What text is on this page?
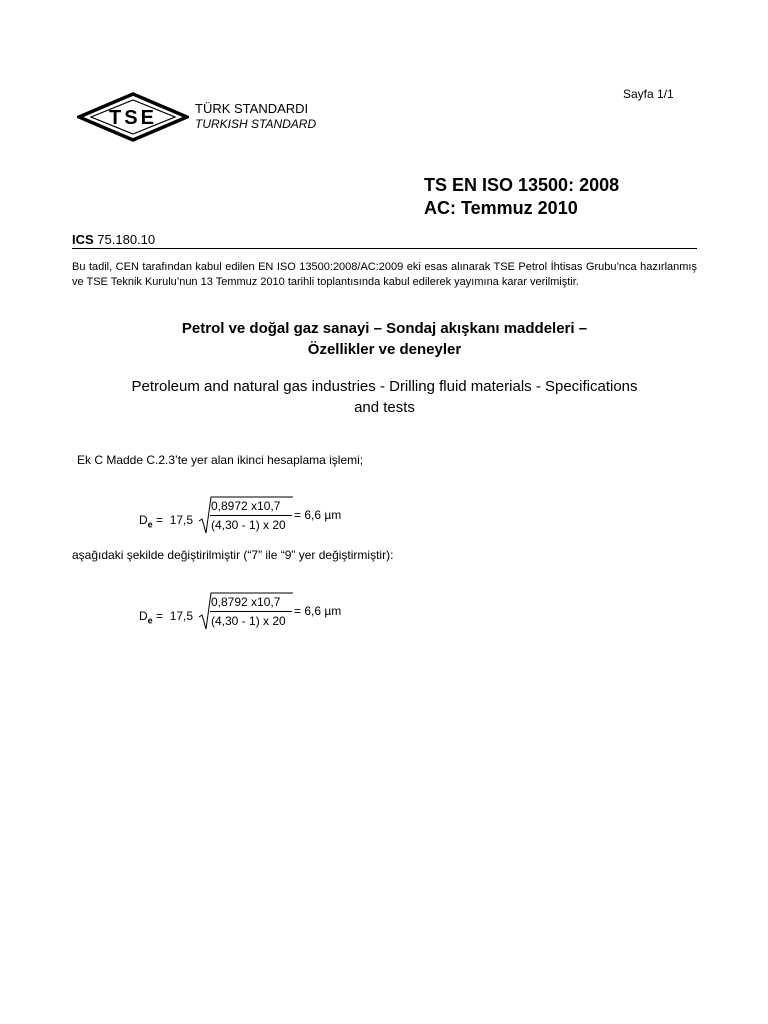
Sayfa 1/1
TSE	TÜRK STANDARDI
TURKISH STANDARD
TS EN ISO 13500: 2008
AC: Temmuz 2010
ICS 75.180.10
Bu tadil, CEN tarafından kabul edilen EN ISO 13500:2008/AC:2009 eki esas alınarak TSE Petrol İhtisas Grubu’nca hazırlanmış ve TSE Teknik Kurulu’nun 13 Temmuz 2010 tarihli toplantısında kabul edilerek yayımına karar verilmiştir.
Petrol ve doğal gaz sanayi – Sondaj akışkanı maddeleri –
Özellikler ve deneyler
Petroleum and natural gas industries - Drilling fluid materials - Specifications
and tests
Ek C Madde C.2.3’te yer alan ikinci hesaplama işlemi;
$D_e = 17,5$
0,8972 x10,7
(4,30 - 1) x 20
= 6,6 µm
aşağıdaki şekilde değiştirilmiştir (“7” ile “9” yer değiştirmiştir):
$D_e = 17,5$
0,8792 x10,7
(4,30 - 1) x 20
= 6,6 µm
